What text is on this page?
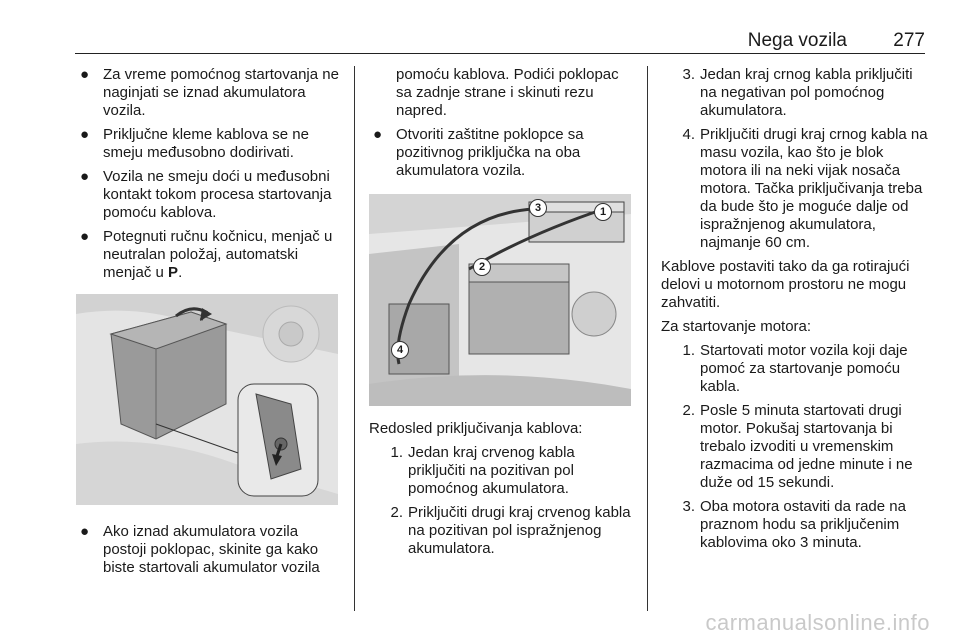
Nega vozila 277
● Za vreme pomoćnog startovanja ne naginjati se iznad akumulatora vozila.
● Priključne kleme kablova se ne smeju međusobno dodirivati.
● Vozila ne smeju doći u međusobni kontakt tokom procesa startovanja pomoću kablova.
● Potegnuti ručnu kočnicu, menjač u neutralan položaj, automatski menjač u P.
● Ako iznad akumulatora vozila postoji poklopac, skinite ga kako biste startovali akumulator vozila
pomoću kablova. Podići poklopac sa zadnje strane i skinuti rezu napred.
● Otvoriti zaštitne poklopce sa pozitivnog priključka na oba akumulatora vozila.
1
2
3
4
Redosled priključivanja kablova:
1. Jedan kraj crvenog kabla priključiti na pozitivan pol pomoćnog akumulatora.
2. Priključiti drugi kraj crvenog kabla na pozitivan pol ispražnjenog akumulatora.
3. Jedan kraj crnog kabla priključiti na negativan pol pomoćnog akumulatora.
4. Priključiti drugi kraj crnog kabla na masu vozila, kao što je blok motora ili na neki vijak nosača motora. Tačka priključivanja treba da bude što je moguće dalje od ispražnjenog akumulatora, najmanje 60 cm.
Kablove postaviti tako da ga rotirajući delovi u motornom prostoru ne mogu zahvatiti.
Za startovanje motora:
1. Startovati motor vozila koji daje pomoć za startovanje pomoću kabla.
2. Posle 5 minuta startovati drugi motor. Pokušaj startovanja bi trebalo izvoditi u vremenskim razmacima od jedne minute i ne duže od 15 sekundi.
3. Oba motora ostaviti da rade na praznom hodu sa priključenim kablovima oko 3 minuta.
carmanualsonline.info
